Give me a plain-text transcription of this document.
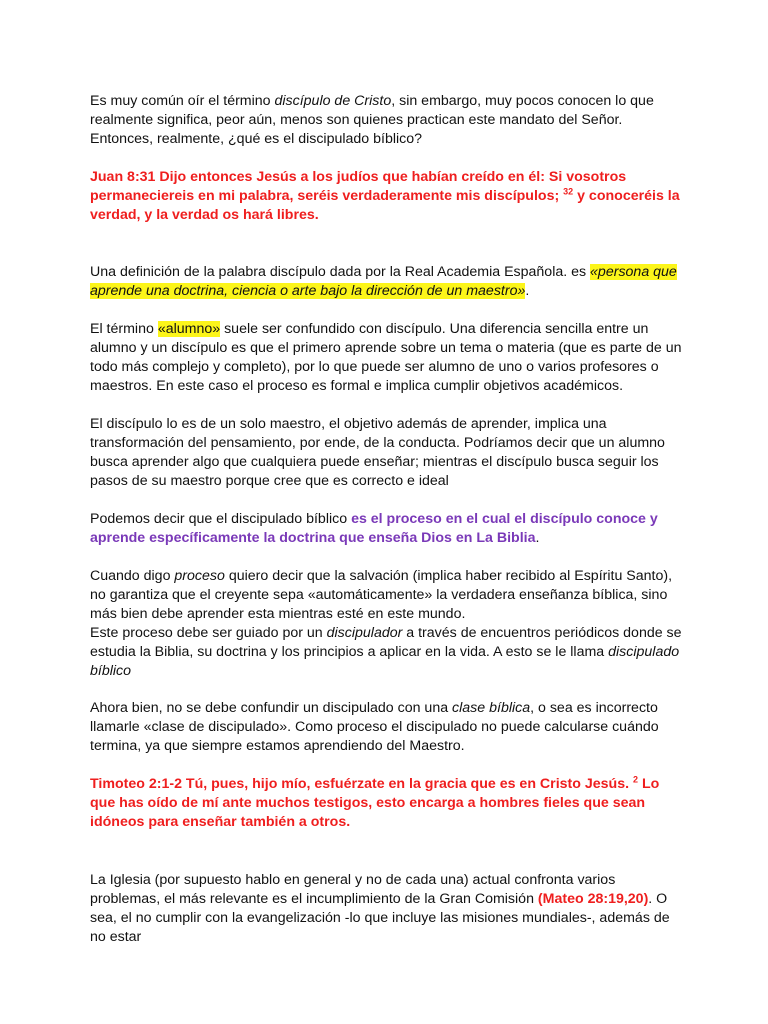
Es muy común oír el término discípulo de Cristo, sin embargo, muy pocos conocen lo que realmente significa, peor aún, menos son quienes practican este mandato del Señor. Entonces, realmente, ¿qué es el discipulado bíblico?

Juan 8:31 Dijo entonces Jesús a los judíos que habían creído en él: Si vosotros permaneciereis en mi palabra, seréis verdaderamente mis discípulos; $^{32}$ y conoceréis la verdad, y la verdad os hará libres.

Una definición de la palabra discípulo dada por la Real Academia Española. es «persona que aprende una doctrina, ciencia o arte bajo la dirección de un maestro».

El término «alumno» suele ser confundido con discípulo. Una diferencia sencilla entre un alumno y un discípulo es que el primero aprende sobre un tema o materia (que es parte de un todo más complejo y completo), por lo que puede ser alumno de uno o varios profesores o maestros. En este caso el proceso es formal e implica cumplir objetivos académicos.

El discípulo lo es de un solo maestro, el objetivo además de aprender, implica una transformación del pensamiento, por ende, de la conducta. Podríamos decir que un alumno busca aprender algo que cualquiera puede enseñar; mientras el discípulo busca seguir los pasos de su maestro porque cree que es correcto e ideal

Podemos decir que el discipulado bíblico es el proceso en el cual el discípulo conoce y aprende específicamente la doctrina que enseña Dios en La Biblia.

Cuando digo proceso quiero decir que la salvación (implica haber recibido al Espíritu Santo), no garantiza que el creyente sepa «automáticamente» la verdadera enseñanza bíblica, sino más bien debe aprender esta mientras esté en este mundo.
Este proceso debe ser guiado por un discipulador a través de encuentros periódicos donde se estudia la Biblia, su doctrina y los principios a aplicar en la vida. A esto se le llama discipulado bíblico

Ahora bien, no se debe confundir un discipulado con una clase bíblica, o sea es incorrecto llamarle «clase de discipulado». Como proceso el discipulado no puede calcularse cuándo termina, ya que siempre estamos aprendiendo del Maestro.

Timoteo 2:1-2 Tú, pues, hijo mío, esfuérzate en la gracia que es en Cristo Jesús. $^2$ Lo que has oído de mí ante muchos testigos, esto encarga a hombres fieles que sean idóneos para enseñar también a otros.

La Iglesia (por supuesto hablo en general y no de cada una) actual confronta varios problemas, el más relevante es el incumplimiento de la Gran Comisión (Mateo 28:19,20). O sea, el no cumplir con la evangelización -lo que incluye las misiones mundiales-, además de no estar
